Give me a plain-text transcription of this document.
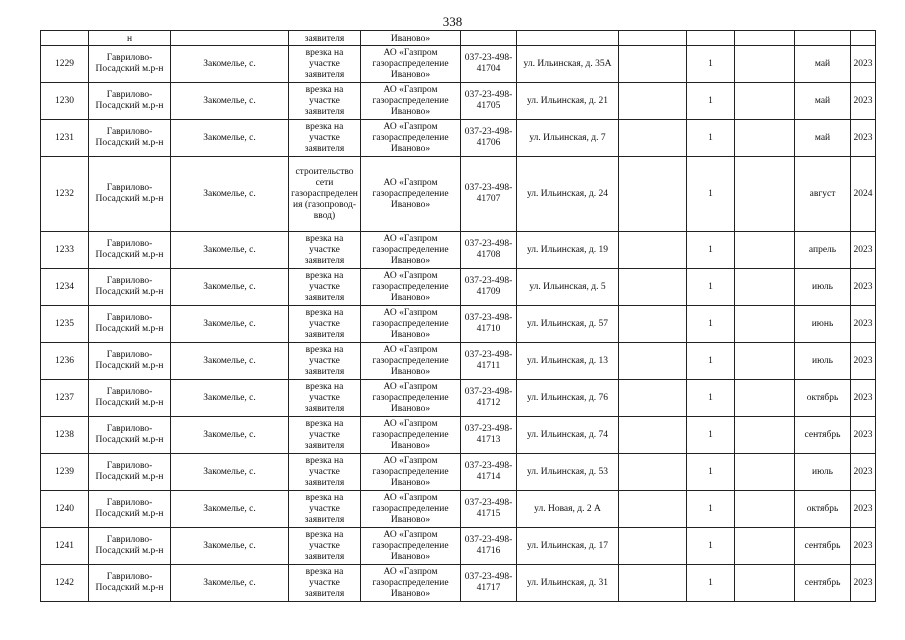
338
	н		заявителя	Иваново»							
1229	Гаврилово-Посадский м.р-н	Закомелье, с.	врезка на участке заявителя	АО «Газпром газораспределение Иваново»	037-23-498-41704	ул. Ильинская, д. 35А		1		май	2023
1230	Гаврилово-Посадский м.р-н	Закомелье, с.	врезка на участке заявителя	АО «Газпром газораспределение Иваново»	037-23-498-41705	ул. Ильинская, д. 21		1		май	2023
1231	Гаврилово-Посадский м.р-н	Закомелье, с.	врезка на участке заявителя	АО «Газпром газораспределение Иваново»	037-23-498-41706	ул. Ильинская, д. 7		1		май	2023
1232	Гаврилово-Посадский м.р-н	Закомелье, с.	строительство сети газораспределения (газопровод-ввод)	АО «Газпром газораспределение Иваново»	037-23-498-41707	ул. Ильинская, д. 24		1		август	2024
1233	Гаврилово-Посадский м.р-н	Закомелье, с.	врезка на участке заявителя	АО «Газпром газораспределение Иваново»	037-23-498-41708	ул. Ильинская, д. 19		1		апрель	2023
1234	Гаврилово-Посадский м.р-н	Закомелье, с.	врезка на участке заявителя	АО «Газпром газораспределение Иваново»	037-23-498-41709	ул. Ильинская, д. 5		1		июль	2023
1235	Гаврилово-Посадский м.р-н	Закомелье, с.	врезка на участке заявителя	АО «Газпром газораспределение Иваново»	037-23-498-41710	ул. Ильинская, д. 57		1		июнь	2023
1236	Гаврилово-Посадский м.р-н	Закомелье, с.	врезка на участке заявителя	АО «Газпром газораспределение Иваново»	037-23-498-41711	ул. Ильинская, д. 13		1		июль	2023
1237	Гаврилово-Посадский м.р-н	Закомелье, с.	врезка на участке заявителя	АО «Газпром газораспределение Иваново»	037-23-498-41712	ул. Ильинская, д. 76		1		октябрь	2023
1238	Гаврилово-Посадский м.р-н	Закомелье, с.	врезка на участке заявителя	АО «Газпром газораспределение Иваново»	037-23-498-41713	ул. Ильинская, д. 74		1		сентябрь	2023
1239	Гаврилово-Посадский м.р-н	Закомелье, с.	врезка на участке заявителя	АО «Газпром газораспределение Иваново»	037-23-498-41714	ул. Ильинская, д. 53		1		июль	2023
1240	Гаврилово-Посадский м.р-н	Закомелье, с.	врезка на участке заявителя	АО «Газпром газораспределение Иваново»	037-23-498-41715	ул. Новая, д. 2 А		1		октябрь	2023
1241	Гаврилово-Посадский м.р-н	Закомелье, с.	врезка на участке заявителя	АО «Газпром газораспределение Иваново»	037-23-498-41716	ул. Ильинская, д. 17		1		сентябрь	2023
1242	Гаврилово-Посадский м.р-н	Закомелье, с.	врезка на участке заявителя	АО «Газпром газораспределение Иваново»	037-23-498-41717	ул. Ильинская, д. 31		1		сентябрь	2023
